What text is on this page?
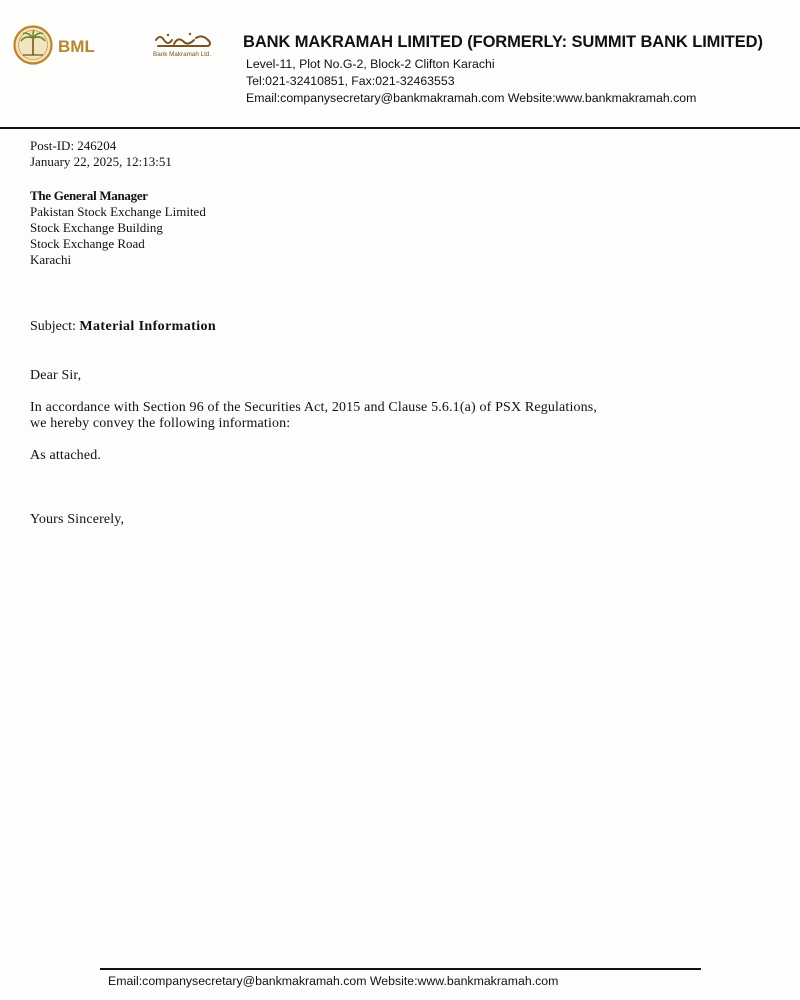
BML	Bank Makramah Ltd.
BANK MAKRAMAH LIMITED (FORMERLY: SUMMIT BANK LIMITED)
Level-11, Plot No.G-2, Block-2 Clifton Karachi
Tel:021-32410851, Fax:021-32463553
Email:companysecretary@bankmakramah.com Website:www.bankmakramah.com
Post-ID: 246204
January 22, 2025, 12:13:51
The General Manager
Pakistan Stock Exchange Limited
Stock Exchange Building
Stock Exchange Road
Karachi
Subject: Material Information
Dear Sir,
In accordance with Section 96 of the Securities Act, 2015 and Clause 5.6.1(a) of PSX Regulations,
we hereby convey the following information:
As attached.
Yours Sincerely,
Email:companysecretary@bankmakramah.com Website:www.bankmakramah.com
